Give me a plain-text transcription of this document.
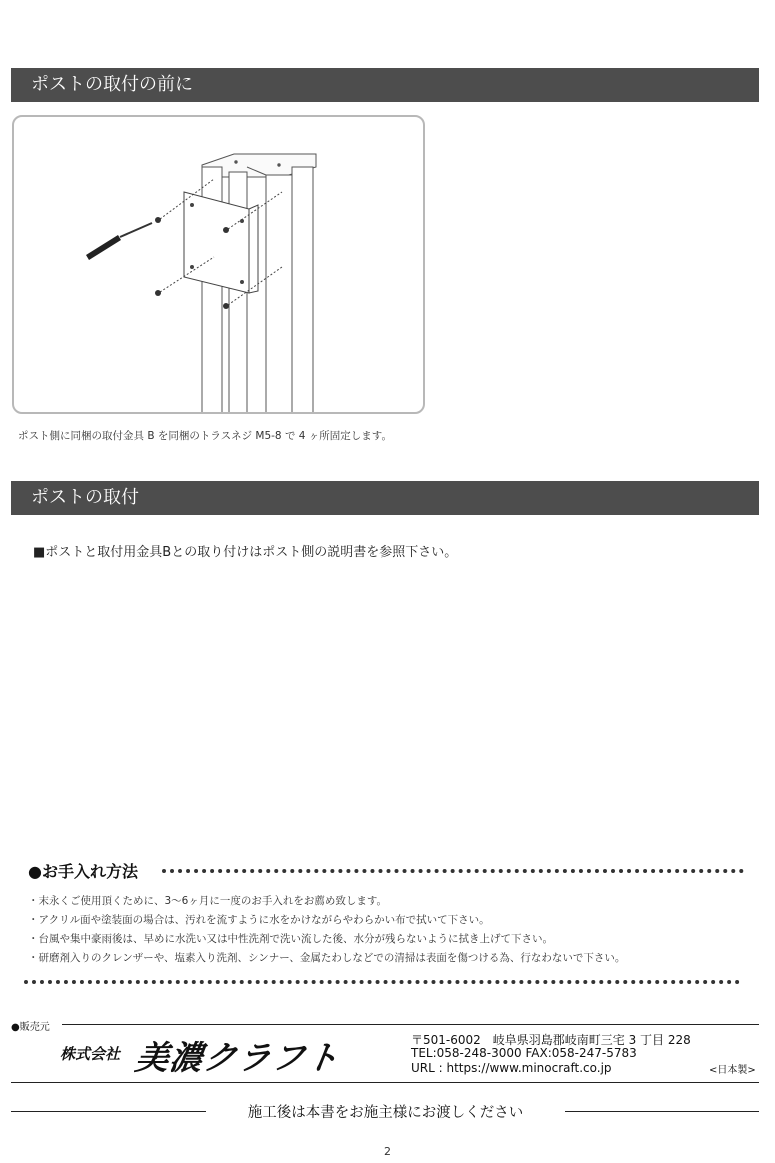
ポストの取付の前に
ポスト側に同梱の取付金具 B を同梱のトラスネジ M5-8 で 4 ヶ所固定します。
ポストの取付
■ポストと取付用金具Bとの取り付けはポスト側の説明書を参照下さい。
●お手入れ方法
・末永くご使用頂くために、3〜6ヶ月に一度のお手入れをお薦め致します。
・アクリル面や塗装面の場合は、汚れを流すように水をかけながらやわらかい布で拭いて下さい。
・台風や集中豪雨後は、早めに水洗い又は中性洗剤で洗い流した後、水分が残らないように拭き上げて下さい。
・研磨剤入りのクレンザーや、塩素入り洗剤、シンナー、金属たわしなどでの清掃は表面を傷つける為、行なわないで下さい。
●販売元
株式会社 美濃クラフト	〒501-6002　岐阜県羽島郡岐南町三宅 3 丁目 228
TEL:058-248-3000 FAX:058-247-5783
URL : https://www.minocraft.co.jp	<日本製>
施工後は本書をお施主様にお渡しください
2
